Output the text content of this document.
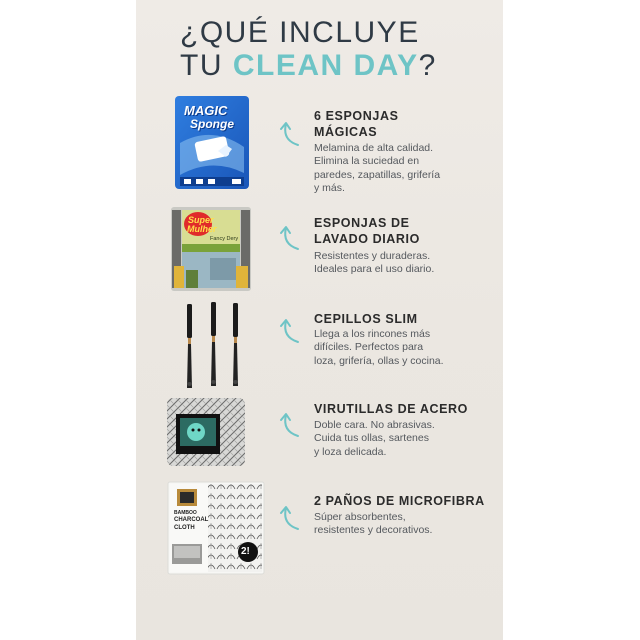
¿QUÉ INCLUYE
TU CLEAN DAY?
MAGIC
Sponge
6 ESPONJAS
MÁGICAS
Melamina de alta calidad.
Elimina la suciedad en
paredes, zapatillas, grifería
y más.
Super
Mulher
Fancy Dery
ESPONJAS DE
LAVADO DIARIO
Resistentes y duraderas.
Ideales para el uso diario.
CEPILLOS SLIM
Llega a los rincones más
difíciles. Perfectos para
loza, grifería, ollas y cocina.
VIRUTILLAS DE ACERO
Doble cara. No abrasivas.
Cuida tus ollas, sartenes
y loza delicada.
BAMBOO
CHARCOAL
CLOTH
2!
2 PAÑOS DE MICROFIBRA
Súper absorbentes,
resistentes y decorativos.
